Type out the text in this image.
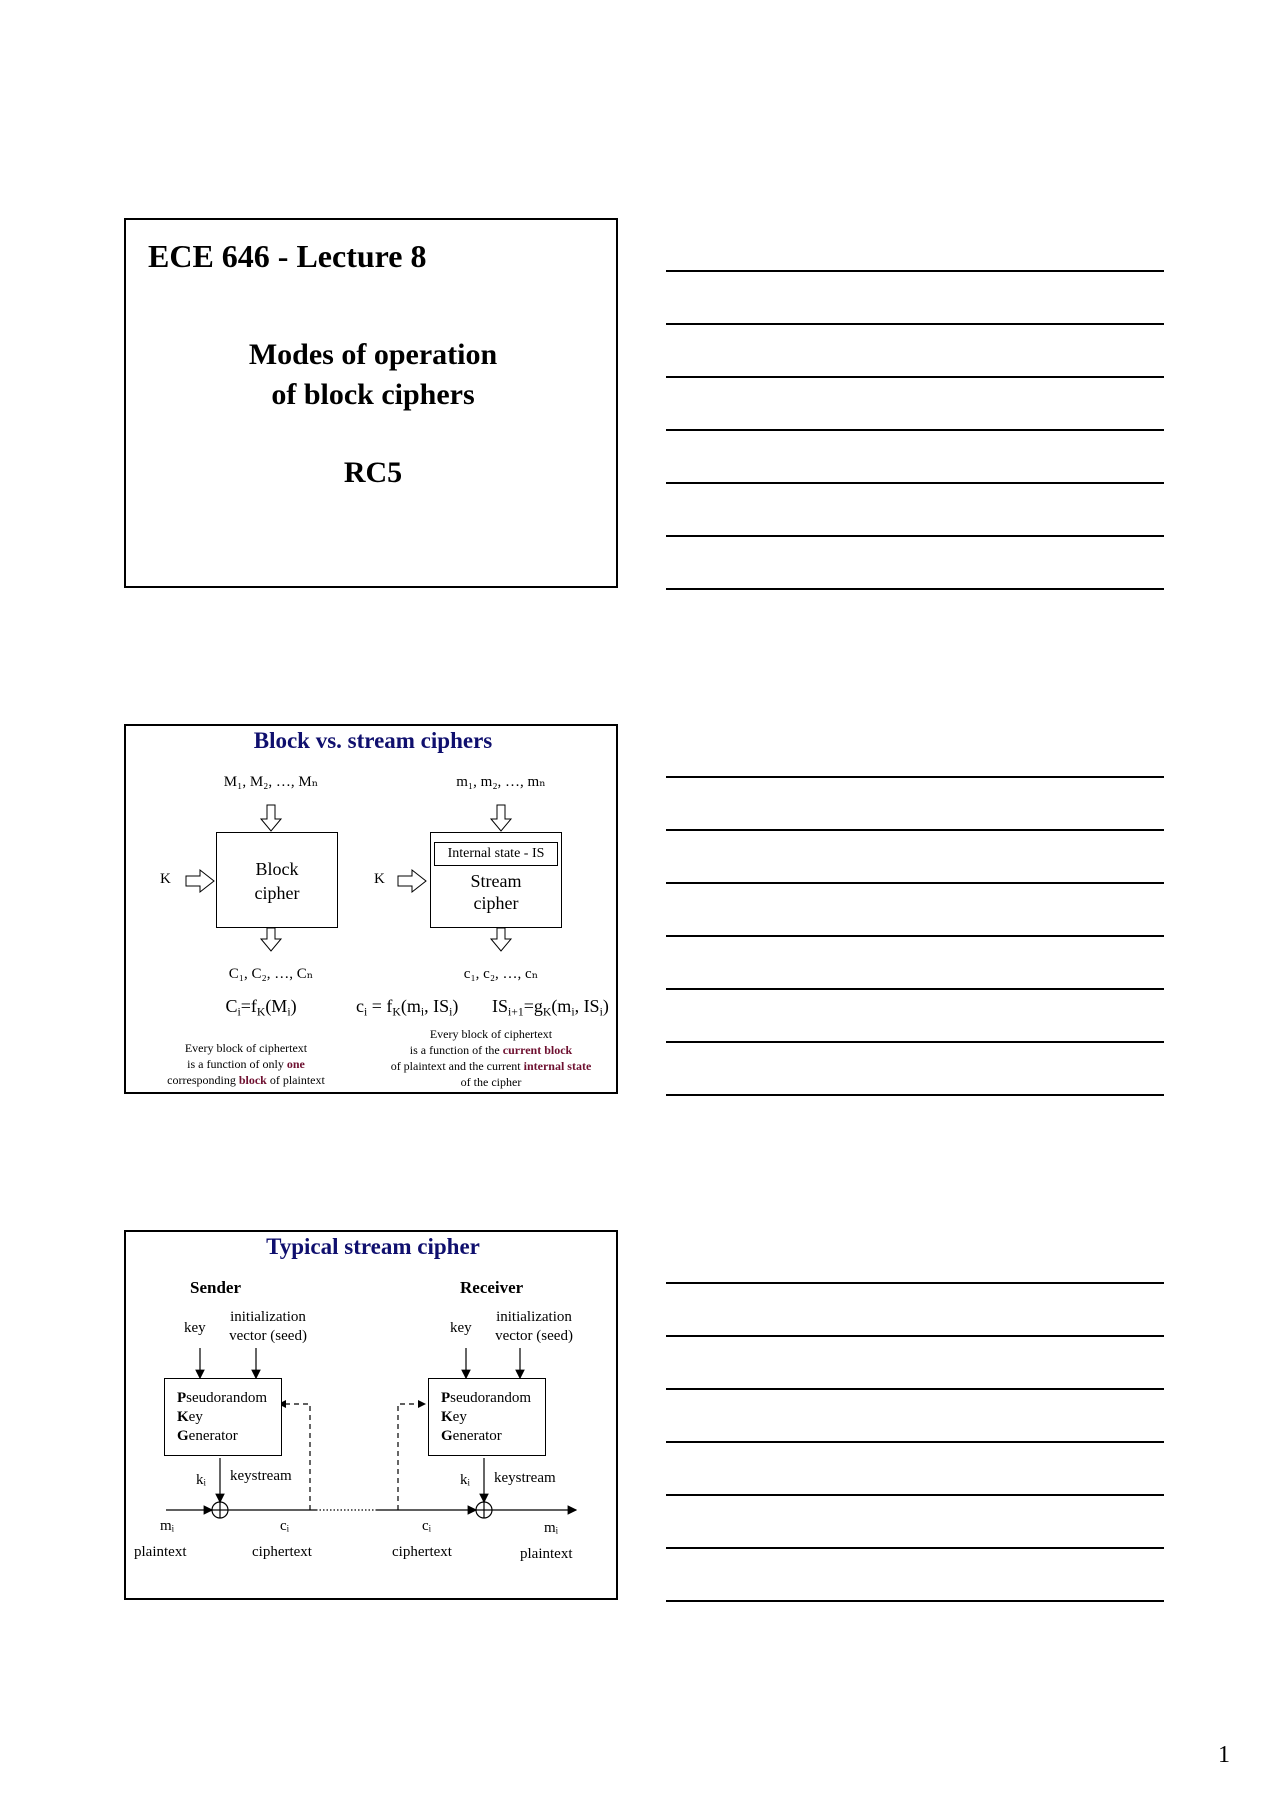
ECE 646 - Lecture 8
Modes of operation
of block ciphers
RC5
Block vs. stream ciphers
M₁, M₂, …, Mₙ
K	Block
cipher
C₁, C₂, …, Cₙ
$C_i=f_K(M_i)$
Every block of ciphertext
is a function of only one
corresponding block of plaintext
m₁, m₂, …, mₙ
K
Internal state - IS
Stream
cipher
c₁, c₂, …, cₙ
$c_i = f_K(m_i$, $IS_i$) $IS_{i+1}=g_K(m_i$, $IS_i$)
Every block of ciphertext
is a function of the current block
of plaintext and the current internal state
of the cipher
Typical stream cipher
Sender
key
initialization
vector (seed)
Pseudorandom
Key
Generator
kᵢ keystream
mᵢ
plaintext
cᵢ
ciphertext
Receiver
key
initialization
vector (seed)
Pseudorandom
Key
Generator
kᵢ keystream
cᵢ
ciphertext
mᵢ
plaintext
1
